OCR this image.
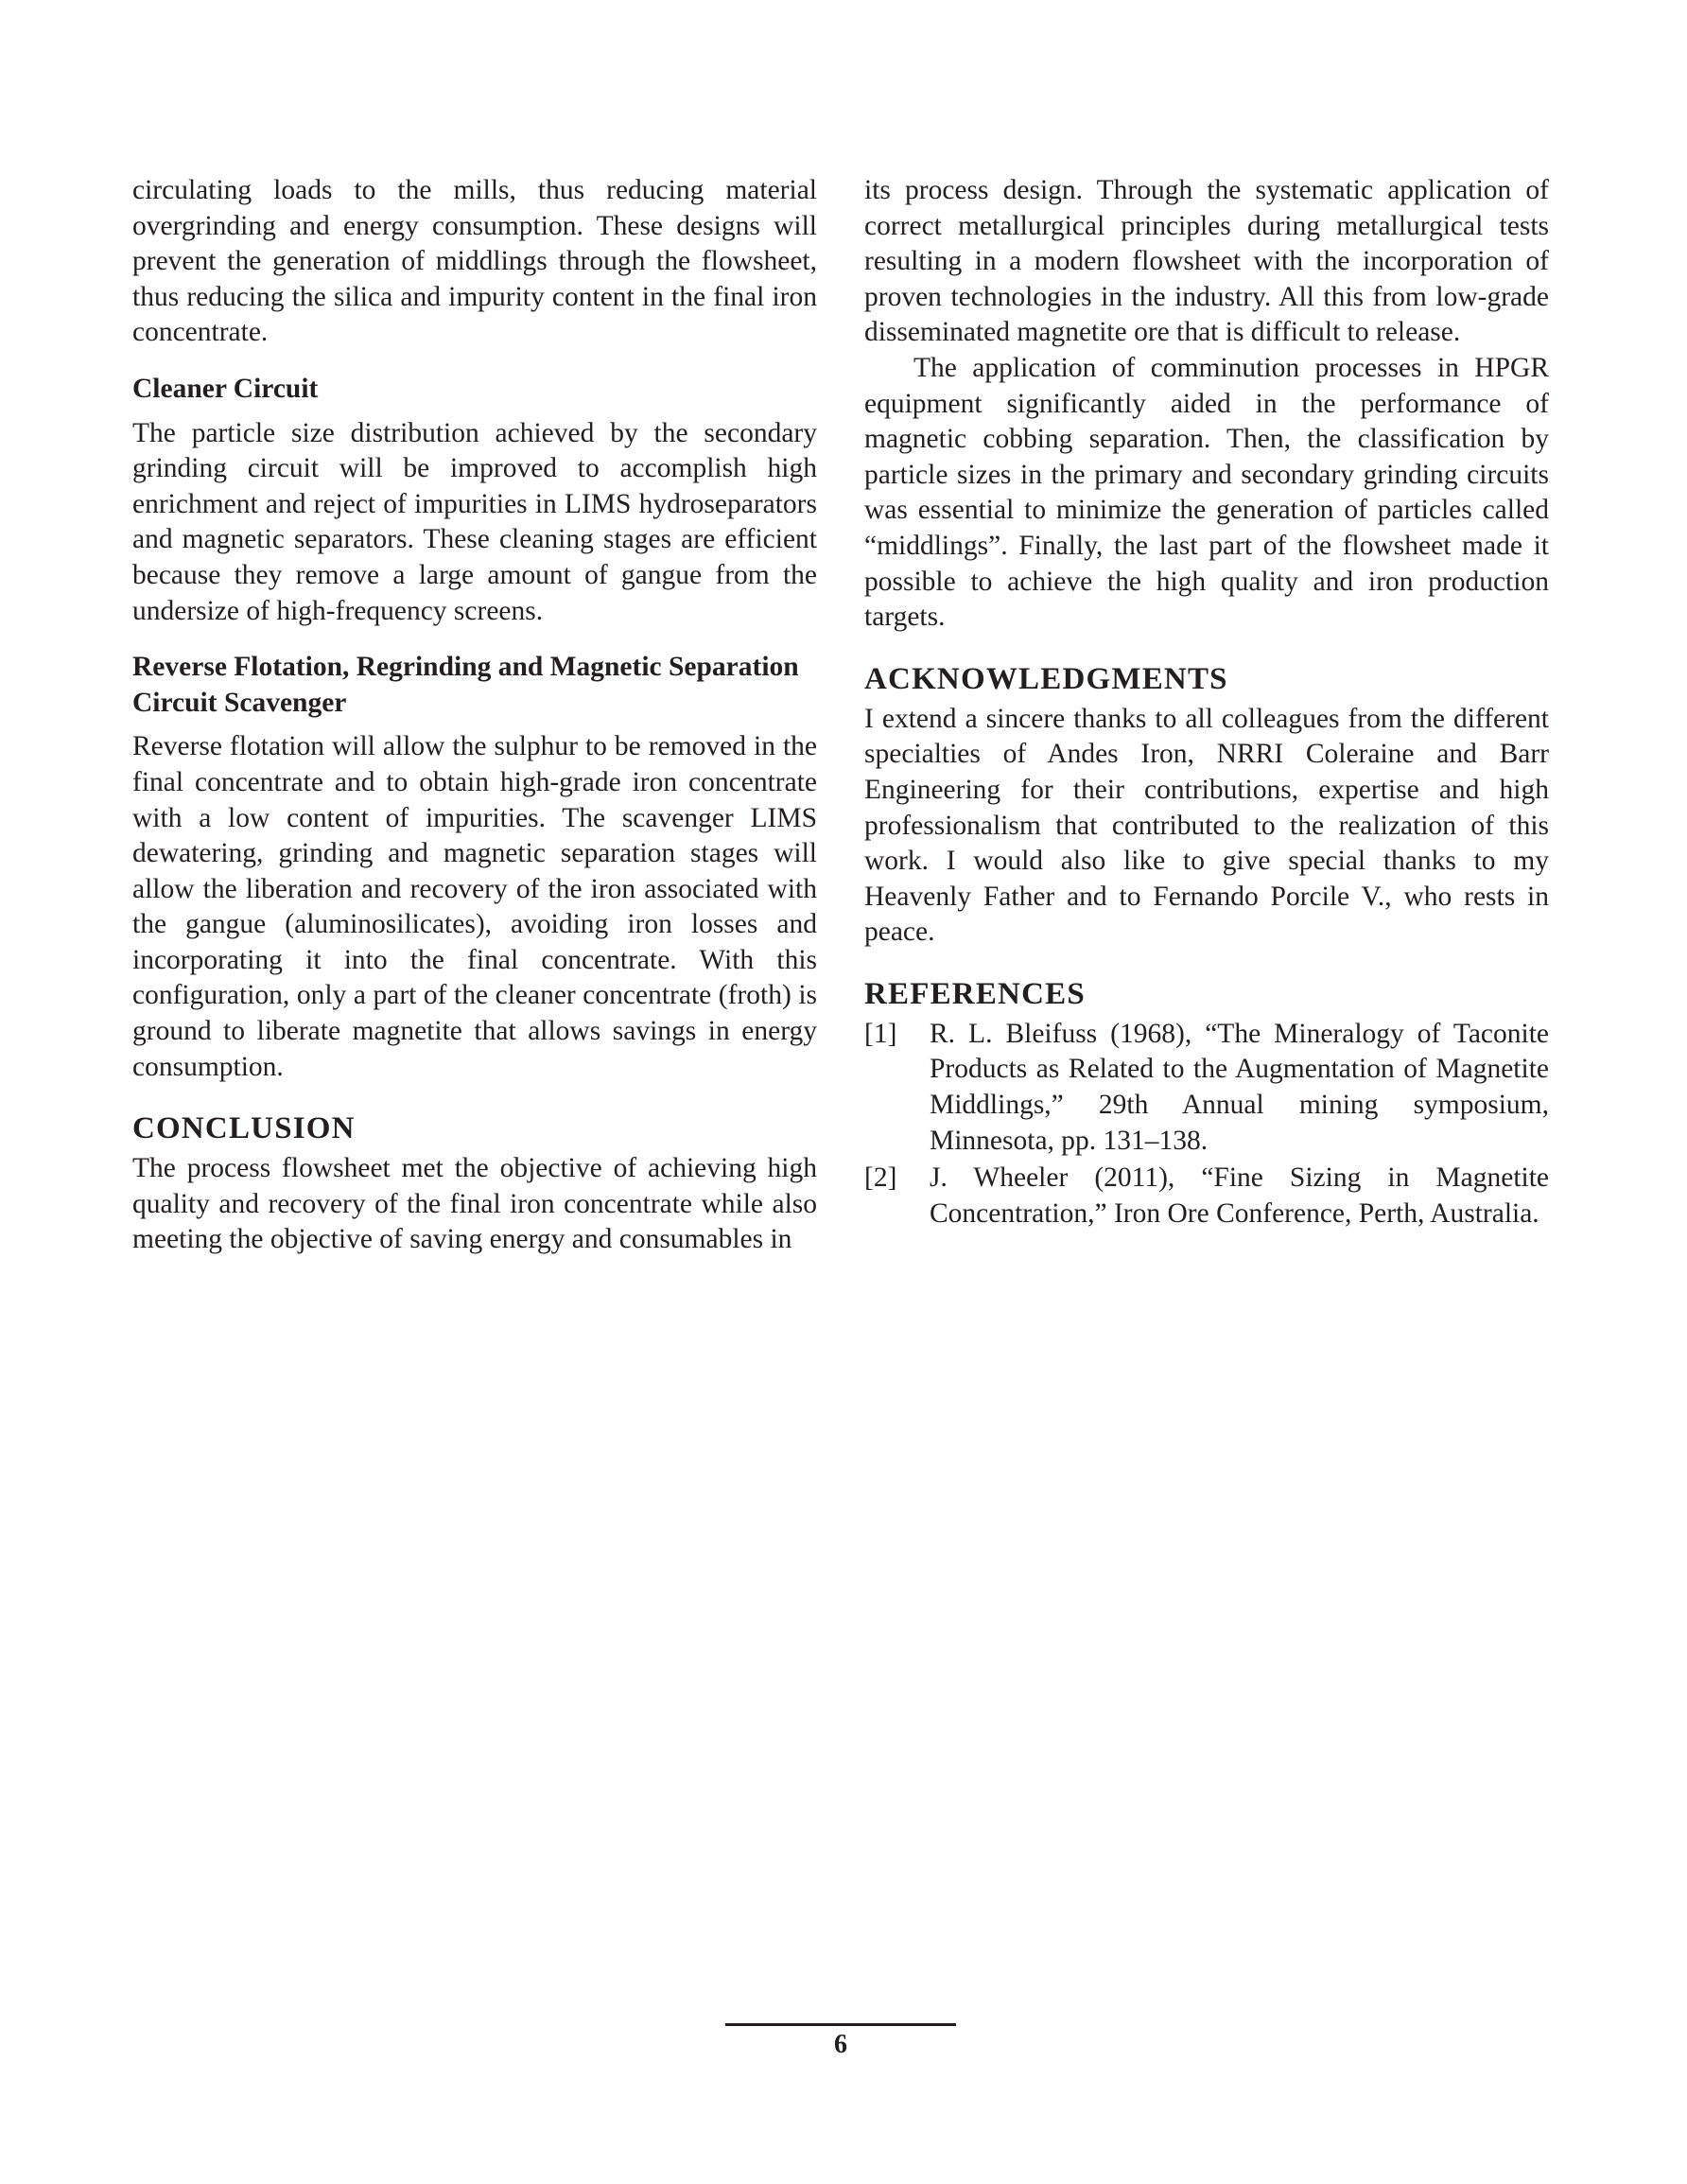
circulating loads to the mills, thus reducing material overgrinding and energy consumption. These designs will prevent the generation of middlings through the flowsheet, thus reducing the silica and impurity content in the final iron concentrate.

Cleaner Circuit

The particle size distribution achieved by the secondary grinding circuit will be improved to accomplish high enrichment and reject of impurities in LIMS hydroseparators and magnetic separators. These cleaning stages are efficient because they remove a large amount of gangue from the undersize of high-frequency screens.

Reverse Flotation, Regrinding and Magnetic Separation Circuit Scavenger

Reverse flotation will allow the sulphur to be removed in the final concentrate and to obtain high-grade iron concentrate with a low content of impurities. The scavenger LIMS dewatering, grinding and magnetic separation stages will allow the liberation and recovery of the iron associated with the gangue (aluminosilicates), avoiding iron losses and incorporating it into the final concentrate. With this configuration, only a part of the cleaner concentrate (froth) is ground to liberate magnetite that allows savings in energy consumption.

CONCLUSION

The process flowsheet met the objective of achieving high quality and recovery of the final iron concentrate while also meeting the objective of saving energy and consumables in

its process design. Through the systematic application of correct metallurgical principles during metallurgical tests resulting in a modern flowsheet with the incorporation of proven technologies in the industry. All this from low-grade disseminated magnetite ore that is difficult to release.

The application of comminution processes in HPGR equipment significantly aided in the performance of magnetic cobbing separation. Then, the classification by particle sizes in the primary and secondary grinding circuits was essential to minimize the generation of particles called “middlings”. Finally, the last part of the flowsheet made it possible to achieve the high quality and iron production targets.

ACKNOWLEDGMENTS

I extend a sincere thanks to all colleagues from the different specialties of Andes Iron, NRRI Coleraine and Barr Engineering for their contributions, expertise and high professionalism that contributed to the realization of this work. I would also like to give special thanks to my Heavenly Father and to Fernando Porcile V., who rests in peace.

REFERENCES
[1]	R. L. Bleifuss (1968), “The Mineralogy of Taconite Products as Related to the Augmentation of Magnetite Middlings,” 29th Annual mining symposium, Minnesota, pp. 131–138.
[2]	J. Wheeler (2011), “Fine Sizing in Magnetite Concentration,” Iron Ore Conference, Perth, Australia.
6
